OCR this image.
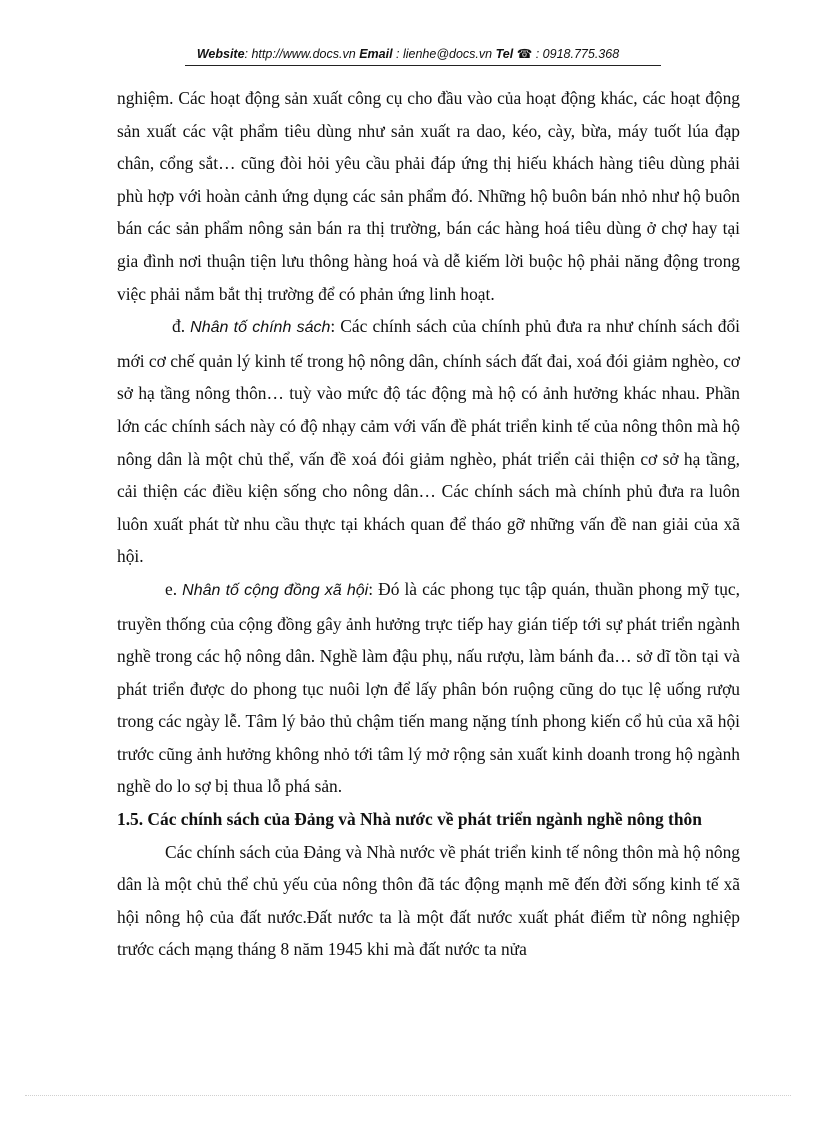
Website: http://www.docs.vn Email : lienhe@docs.vn Tel ☎ : 0918.775.368

nghiệm. Các hoạt động sản xuất công cụ cho đầu vào của hoạt động khác, các hoạt động sản xuất các vật phẩm tiêu dùng như sản xuất ra dao, kéo, cày, bừa, máy tuốt lúa đạp chân, cổng sắt… cũng đòi hỏi yêu cầu phải đáp ứng thị hiếu khách hàng tiêu dùng phải phù hợp với hoàn cảnh ứng dụng các sản phẩm đó. Những hộ buôn bán nhỏ như hộ buôn bán các sản phẩm nông sản bán ra thị trường, bán các hàng hoá tiêu dùng ở chợ hay tại gia đình nơi thuận tiện lưu thông hàng hoá và dễ kiếm lời buộc hộ phải năng động trong việc phải nắm bắt thị trường để có phản ứng linh hoạt.

đ. Nhân tố chính sách: Các chính sách của chính phủ đưa ra như chính sách đổi mới cơ chế quản lý kinh tế trong hộ nông dân, chính sách đất đai, xoá đói giảm nghèo, cơ sở hạ tầng nông thôn… tuỳ vào mức độ tác động mà hộ có ảnh hưởng khác nhau. Phần lớn các chính sách này có độ nhạy cảm với vấn đề phát triển kinh tế của nông thôn mà hộ nông dân là một chủ thể, vấn đề xoá đói giảm nghèo, phát triển cải thiện cơ sở hạ tầng, cải thiện các điều kiện sống cho nông dân… Các chính sách mà chính phủ đưa ra luôn luôn xuất phát từ nhu cầu thực tại khách quan để tháo gỡ những vấn đề nan giải của xã hội.

e. Nhân tố cộng đồng xã hội: Đó là các phong tục tập quán, thuần phong mỹ tục, truyền thống của cộng đồng gây ảnh hưởng trực tiếp hay gián tiếp tới sự phát triển ngành nghề trong các hộ nông dân. Nghề làm đậu phụ, nấu rượu, làm bánh đa… sở dĩ tồn tại và phát triển được do phong tục nuôi lợn để lấy phân bón ruộng cũng do tục lệ uống rượu trong các ngày lễ. Tâm lý bảo thủ chậm tiến mang nặng tính phong kiến cổ hủ của xã hội trước cũng ảnh hưởng không nhỏ tới tâm lý mở rộng sản xuất kinh doanh trong hộ ngành nghề do lo sợ bị thua lỗ phá sản.

1.5. Các chính sách của Đảng và Nhà nước về phát triển ngành nghề nông thôn

Các chính sách của Đảng và Nhà nước về phát triển kinh tế nông thôn mà hộ nông dân là một chủ thể chủ yếu của nông thôn đã tác động mạnh mẽ đến đời sống kinh tế xã hội nông hộ của đất nước.Đất nước ta là một đất nước xuất phát điểm từ nông nghiệp trước cách mạng tháng 8 năm 1945 khi mà đất nước ta nửa
